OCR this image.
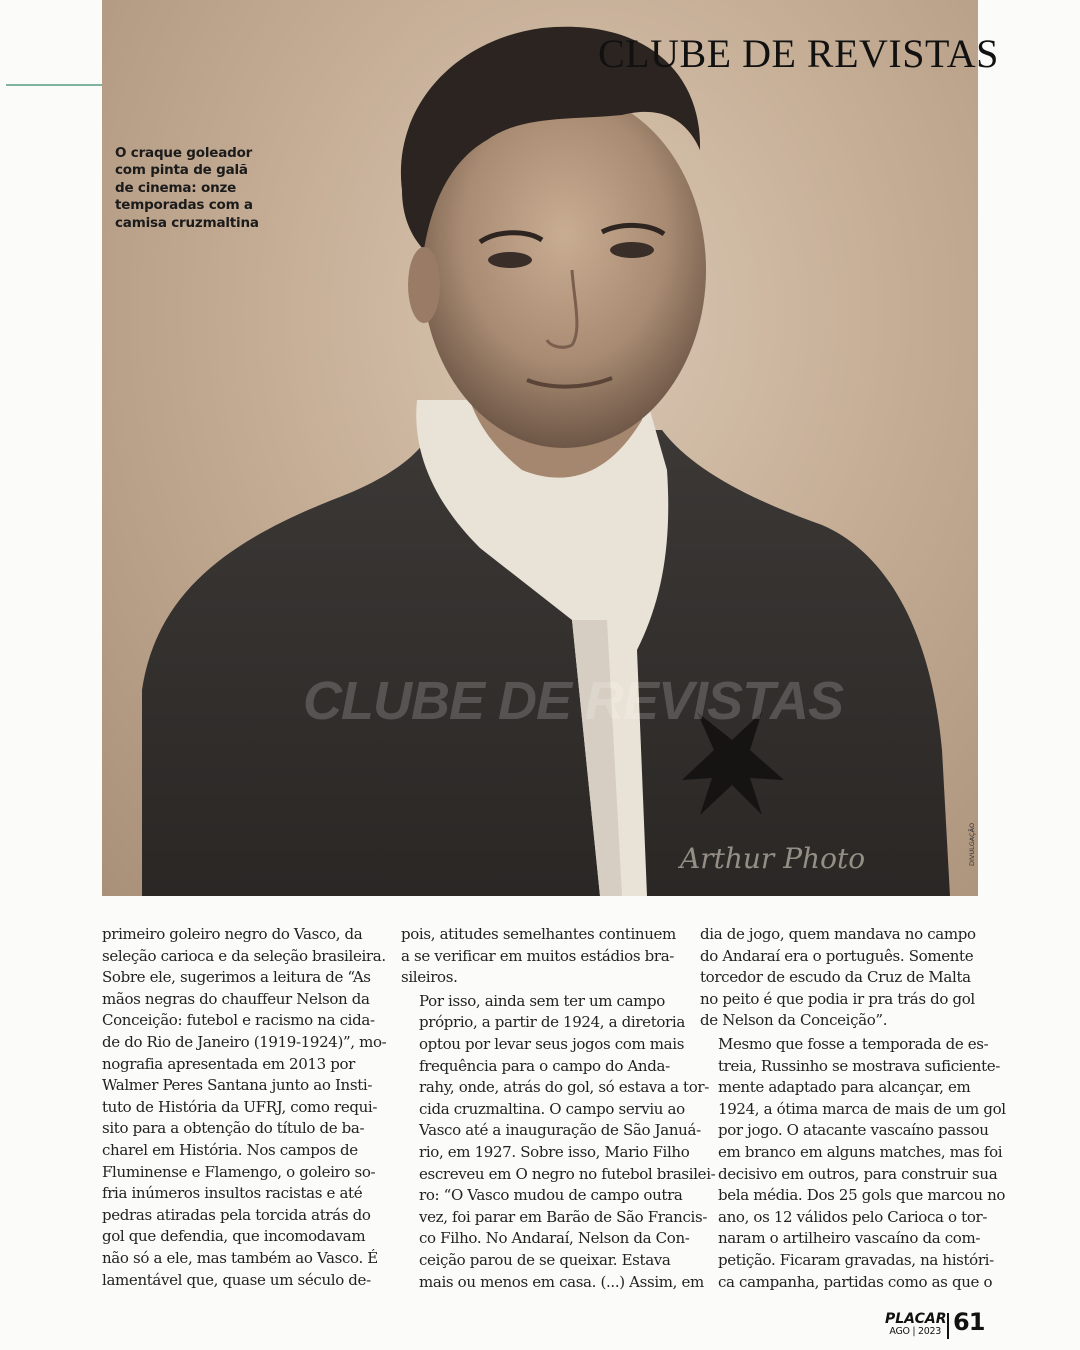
O craque goleador
com pinta de galã
de cinema: onze
temporadas com a
camisa cruzmaltina
CLUBE DE REVISTAS
CLUBE DE REVISTAS
Arthur Photo	DIVULGAÇÃO

primeiro goleiro negro do Vasco, da
seleção carioca e da seleção brasileira.
Sobre ele, sugerimos a leitura de “As
mãos negras do chauffeur Nelson da
Conceição: futebol e racismo na cida-
de do Rio de Janeiro (1919-1924)”, mo-
nografia apresentada em 2013 por
Walmer Peres Santana junto ao Insti-
tuto de História da UFRJ, como requi-
sito para a obtenção do título de ba-
charel em História. Nos campos de
Fluminense e Flamengo, o goleiro so-
fria inúmeros insultos racistas e até
pedras atiradas pela torcida atrás do
gol que defendia, que incomodavam
não só a ele, mas também ao Vasco. É
lamentável que, quase um século de-

pois, atitudes semelhantes continuem
a se verificar em muitos estádios bra-
sileiros.

Por isso, ainda sem ter um campo
próprio, a partir de 1924, a diretoria
optou por levar seus jogos com mais
frequência para o campo do Anda-
rahy, onde, atrás do gol, só estava a tor-
cida cruzmaltina. O campo serviu ao
Vasco até a inauguração de São Januá-
rio, em 1927. Sobre isso, Mario Filho
escreveu em O negro no futebol brasilei-
ro: “O Vasco mudou de campo outra
vez, foi parar em Barão de São Francis-
co Filho. No Andaraí, Nelson da Con-
ceição parou de se queixar. Estava
mais ou menos em casa. (...) Assim, em

dia de jogo, quem mandava no campo
do Andaraí era o português. Somente
torcedor de escudo da Cruz de Malta
no peito é que podia ir pra trás do gol
de Nelson da Conceição”.

Mesmo que fosse a temporada de es-
treia, Russinho se mostrava suficiente-
mente adaptado para alcançar, em
1924, a ótima marca de mais de um gol
por jogo. O atacante vascaíno passou
em branco em alguns matches, mas foi
decisivo em outros, para construir sua
bela média. Dos 25 gols que marcou no
ano, os 12 válidos pelo Carioca o tor-
naram o artilheiro vascaíno da com-
petição. Ficaram gravadas, na históri-
ca campanha, partidas como as que o

PLACAR
AGO | 2023 61
